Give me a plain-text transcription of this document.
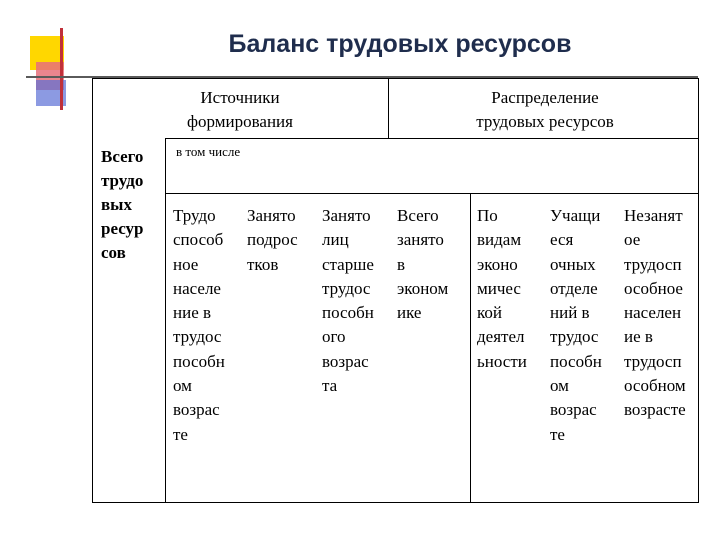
Баланс трудовых ресурсов
Источники
формирования
Распределение
трудовых ресурсов
Всего
трудо
вых
ресур
сов
в том числе
Трудо
способ
ное
населе
ние в
трудос
пособн
ом
возрас
те
Занято
подрос
тков
Занято
лиц
старше
трудос
пособн
ого
возрас
та
Всего
занято
в
эконом
ике
По
видам
эконо
мичес
кой
деятел
ьности
Учащи
еся
очных
отделе
ний в
трудос
пособн
ом
возрас
те
Незанят
ое
трудосп
особное
населен
ие в
трудосп
особном
возрасте
